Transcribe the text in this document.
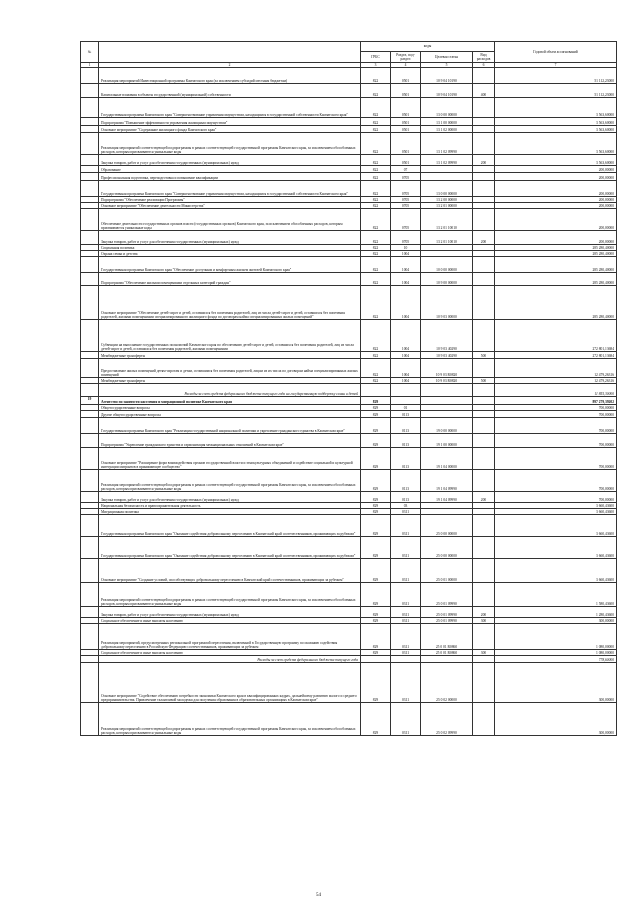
№		коды				Годовой объем ассигнований
		ГРБС	Раздел, под-раздел	Целевая статья	Вид расходов	
1	2	3	4	5	6	7
	Реализация мероприятий Инвестиционной программы Камчатского края (за исключением субсидий местным бюджетам)	822	0501	10 9 04 10190		51 112,23000
	Капитальные вложения в объекты государственной (муниципальной) собственности	822	0501	10 9 04 10190	400	51 112,23000
	Государственная программа Камчатского края "Совершенствование управления имуществом, находящимся в государственной собственности Камчатского края"	822	0501	13 0 00 00000		3 563,60000
	Подпрограмма "Повышение эффективности управления жилищным имуществом"	822	0501	13 1 00 00000		3 563,60000
	Основное мероприятие "Содержание жилищного фонда Камчатского края"	822	0501	13 1 02 00000		3 563,60000
	Реализация мероприятий соответствующей подпрограммы в рамках соответствующей государственной программы Камчатского края, за исключением обособленных расходов, которым присваиваются уникальные коды	822	0501	13 1 02 09990		3 563,60000
	Закупка товаров, работ и услуг для обеспечения государственных (муниципальных) нужд	822	0501	13 1 02 09990	200	3 563,60000
	Образование	822	07			200,00000
	Профессиональная подготовка, переподготовка и повышение квалификации	822	0705			200,00000
	Государственная программа Камчатского края "Совершенствование управления имуществом, находящимся в государственной собственности Камчатского края"	822	0705	13 0 00 00000		200,00000
	Подпрограмма "Обеспечение реализации Программы"	822	0705	13 2 00 00000		200,00000
	Основное мероприятие "Обеспечение деятельности Министерства"	822	0705	13 2 01 00000		200,00000
	Обеспечение деятельности государственных органов власти (государственных органов) Камчатского края, за исключением обособленных расходов, которым присваиваются уникальные коды	822	0705	13 2 01 10010		200,00000
	Закупка товаров, работ и услуг для обеспечения государственных (муниципальных) нужд	822	0705	13 2 01 10010	200	200,00000
	Социальная политика	822	10			285 280,40000
	Охрана семьи и детства	822	1004			285 280,40000
	Государственная программа Камчатского края "Обеспечение доступным и комфортным жильем жителей Камчатского края"	822	1004	10 0 00 00000		285 280,40000
	Подпрограмма "Обеспечение жилыми помещениями отдельных категорий граждан"	822	1004	10 9 00 00000		285 280,40000
	Основное мероприятие "Обеспечение детей-сирот и детей, оставшихся без попечения родителей, лиц из числа детей-сирот и детей, оставшихся без попечения родителей, жилыми помещениями специализированного жилищного фонда по договорам найма специализированных жилых помещений"	822	1004	10 9 03 00000		285 280,40000
	Субвенции на выполнение государственных полномочий Камчатского края по обеспечению детей-сирот и детей, оставшихся без попечения родителей, лиц из числа детей-сирот и детей, оставшихся без попечения родителей, жилыми помещениями	822	1004	10 9 03 40290		272 801,13684
	Межбюджетные трансферты	822	1004	10 9 03 40290	500	272 801,13684
	Предоставление жилых помещений детям-сиротам и детям, оставшимся без попечения родителей, лицам из их числа по договорам найма специализированных жилых помещений	822	1004	10 9 03 R0820		12 479,26316
	Межбюджетные трансферты	822	1004	10 9 03 R0820	500	12 479,26316
	Расходы за счет средств федерального бюджета текущего года на государственную поддержку семьи и детей					11 855,30000
19	Агентство по занятости населения и миграционной политике Камчатского края	829				897 279,39202
	Общегосударственные вопросы	829	01			700,00000
	Другие общегосударственные вопросы	829	0113			700,00000
	Государственная программа Камчатского края "Реализация государственной национальной политики и укрепление гражданского единства в Камчатском крае"	829	0113	19 0 00 00000		700,00000
	Подпрограмма "Укрепление гражданского единства и гармонизация межнациональных отношений в Камчатском крае"	829	0113	19 1 00 00000		700,00000
	Основное мероприятие "Расширение форм взаимодействия органов государственной власти и этнокультурных объединений и содействие социальной и культурной интеграции мигрантов в принимающее сообщество"	829	0113	19 1 04 00000		700,00000
	Реализация мероприятий соответствующей подпрограммы в рамках соответствующей государственной программы Камчатского края, за исключением обособленных расходов, которым присваиваются уникальные коды	829	0113	19 1 04 09990		700,00000
	Закупка товаров, работ и услуг для обеспечения государственных (муниципальных) нужд	829	0113	19 1 04 09990	200	700,00000
	Национальная безопасность и правоохранительная деятельность	829	03			3 660,43600
	Миграционная политика	829	0311			3 660,43600
	Государственная программа Камчатского края "Оказание содействия добровольному переселению в Камчатский край соотечественников, проживающих за рубежом"	829	0311	25 0 00 00000		3 660,43600
	Государственная программа Камчатского края "Оказание содействия добровольному переселению в Камчатский край соотечественников, проживающих за рубежом"	829	0311	25 0 00 00000		3 660,43600
	Основное мероприятие "Создание условий, способствующих добровольному переселению в Камчатский край соотечественников, проживающих за рубежом"	829	0311	25 0 01 00000		3 660,43600
	Реализация мероприятий соответствующей подпрограммы в рамках соответствующей государственной программы Камчатского края, за исключением обособленных расходов, которым присваиваются уникальные коды	829	0311	25 0 01 09990		1 580,43600
	Закупка товаров, работ и услуг для обеспечения государственных (муниципальных) нужд	829	0311	25 0 01 09990	200	1 280,43600
	Социальное обеспечение и иные выплаты населению	829	0311	25 0 01 09990	300	300,00000
	Реализация мероприятий, предусмотренных региональной программой переселения, включенной в Государственную программу по оказанию содействия добровольному переселению в Российскую Федерацию соотечественников, проживающих за рубежом	829	0311	25 0 01 R0860		1 080,00000
	Социальное обеспечение и иные выплаты населению	829	0311	25 0 01 R0860	300	1 080,00000
	Расходы за счет средств федерального бюджета текущего года					778,60000
	Основное мероприятие "Содействие обеспечению потребности экономики Камчатского края в квалифицированных кадрах, дальнейшему развитию малого и среднего предпринимательства. Привлечение талантливой молодежи для получения образования в образовательных организациях в Камчатском крае"	829	0311	25 0 02 00000		300,00000
	Реализация мероприятий соответствующей подпрограммы в рамках соответствующей государственной программы Камчатского края, за исключением обособленных расходов, которым присваиваются уникальные коды	829	0311	25 0 02 09990		300,00000
54
